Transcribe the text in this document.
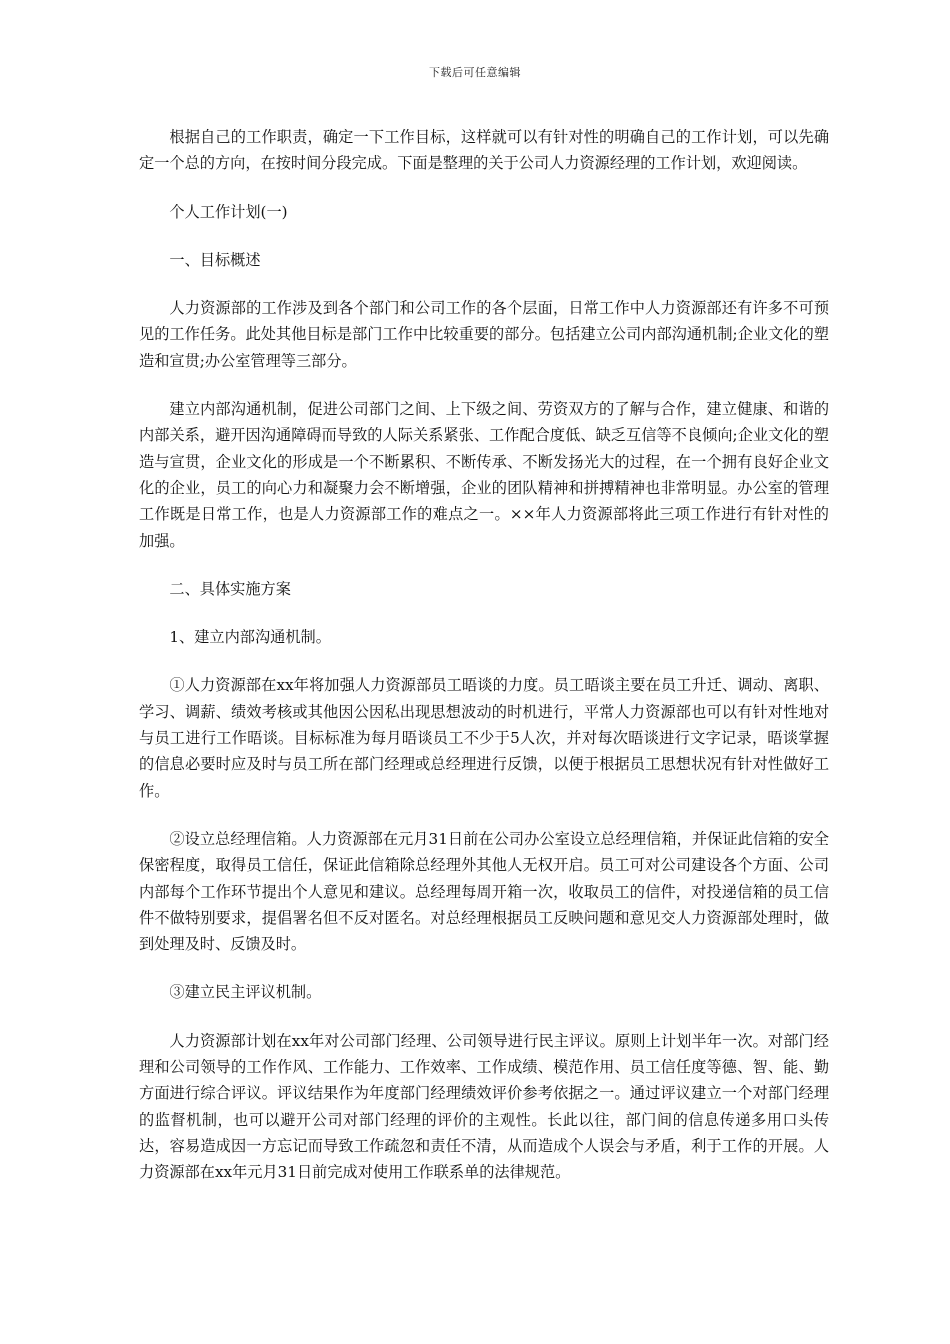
下载后可任意编辑

根据自己的工作职责，确定一下工作目标，这样就可以有针对性的明确自己的工作计划，可以先确定一个总的方向，在按时间分段完成。下面是整理的关于公司人力资源经理的工作计划，欢迎阅读。

个人工作计划(一)

一、目标概述

人力资源部的工作涉及到各个部门和公司工作的各个层面，日常工作中人力资源部还有许多不可预见的工作任务。此处其他目标是部门工作中比较重要的部分。包括建立公司内部沟通机制;企业文化的塑造和宣贯;办公室管理等三部分。

建立内部沟通机制，促进公司部门之间、上下级之间、劳资双方的了解与合作，建立健康、和谐的内部关系，避开因沟通障碍而导致的人际关系紧张、工作配合度低、缺乏互信等不良倾向;企业文化的塑造与宣贯，企业文化的形成是一个不断累积、不断传承、不断发扬光大的过程，在一个拥有良好企业文化的企业，员工的向心力和凝聚力会不断增强，企业的团队精神和拼搏精神也非常明显。办公室的管理工作既是日常工作，也是人力资源部工作的难点之一。××年人力资源部将此三项工作进行有针对性的加强。

二、具体实施方案

1、建立内部沟通机制。

①人力资源部在xx年将加强人力资源部员工晤谈的力度。员工晤谈主要在员工升迁、调动、离职、学习、调薪、绩效考核或其他因公因私出现思想波动的时机进行，平常人力资源部也可以有针对性地对与员工进行工作晤谈。目标标准为每月晤谈员工不少于5人次，并对每次晤谈进行文字记录，晤谈掌握的信息必要时应及时与员工所在部门经理或总经理进行反馈，以便于根据员工思想状况有针对性做好工作。

②设立总经理信箱。人力资源部在元月31日前在公司办公室设立总经理信箱，并保证此信箱的安全保密程度，取得员工信任，保证此信箱除总经理外其他人无权开启。员工可对公司建设各个方面、公司内部每个工作环节提出个人意见和建议。总经理每周开箱一次，收取员工的信件，对投递信箱的员工信件不做特别要求，提倡署名但不反对匿名。对总经理根据员工反映问题和意见交人力资源部处理时，做到处理及时、反馈及时。

③建立民主评议机制。

人力资源部计划在xx年对公司部门经理、公司领导进行民主评议。原则上计划半年一次。对部门经理和公司领导的工作作风、工作能力、工作效率、工作成绩、模范作用、员工信任度等德、智、能、勤方面进行综合评议。评议结果作为年度部门经理绩效评价参考依据之一。通过评议建立一个对部门经理的监督机制，也可以避开公司对部门经理的评价的主观性。长此以往，部门间的信息传递多用口头传达，容易造成因一方忘记而导致工作疏忽和责任不清，从而造成个人误会与矛盾，利于工作的开展。人力资源部在xx年元月31日前完成对使用工作联系单的法律规范。
